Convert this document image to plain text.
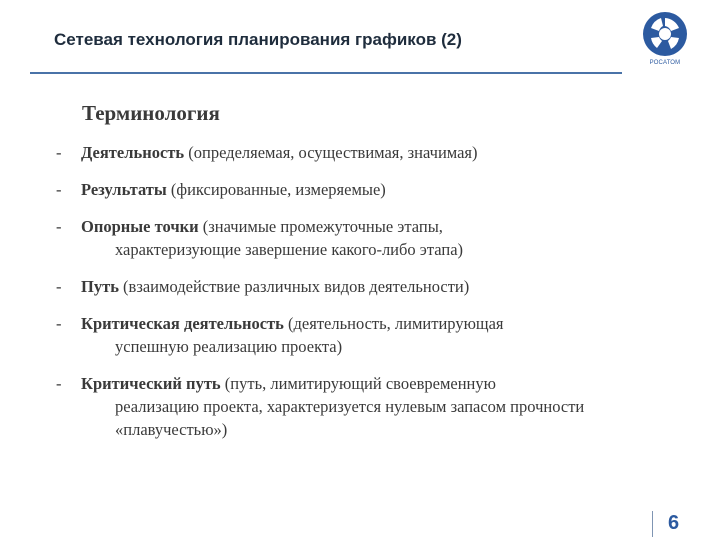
Сетевая технология планирования графиков (2)
РОСАТОМ
Терминология
- Деятельность (определяемая, осуществимая, значимая)
- Результаты (фиксированные, измеряемые)
- Опорные точки (значимые промежуточные этапы,
характеризующие завершение какого-либо этапа)
- Путь (взаимодействие различных видов деятельности)
- Критическая деятельность (деятельность, лимитирующая
успешную реализацию проекта)
- Критический путь (путь, лимитирующий своевременную
реализацию проекта, характеризуется нулевым запасом прочности «плавучестью»)
6
